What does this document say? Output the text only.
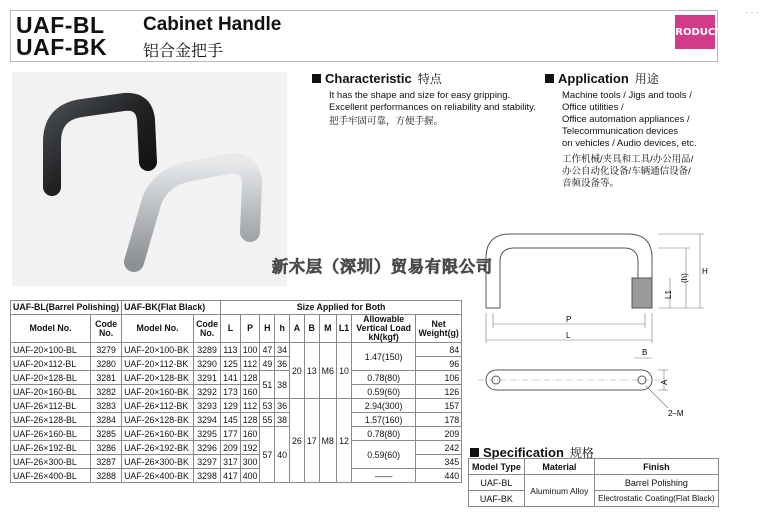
UAF-BL
UAF-BK
Cabinet Handle
铝合金把手
PRODUCT
· · ·
Characteristic 特点
It has the shape and size for easy gripping.
Excellent performances on reliability and stability.
把手牢固可靠，方便手握。
Application 用途
Machine tools / Jigs and tools /
Office utilities /
Office automation appliances /
Telecommunication devices
on vehicles / Audio devices, etc.
工作机械/夹具和工具/办公用品/
办公自动化设备/车辆通信设备/
音频设备等。
P
L
H
(h)
L1
B
A
2–M
新木层（深圳）贸易有限公司
UAF-BL(Barrel Polishing)		UAF-BK(Flat Black)		Size Applied for Both									
Model No.	Code No.	Model No.	Code No.	L	P	H	h	A	B	M	L1	Allowable Vertical Load kN(kgf)	Net Weight(g)
UAF-20×100-BL	3279	UAF-20×100-BK	3289	113	100	47	34	20	13	M6	10	1.47(150)	84
UAF-20×112-BL	3280	UAF-20×112-BK	3290	125	112	49	36						96
UAF-20×128-BL	3281	UAF-20×128-BK	3291	141	128	51	38					0.78(80)	106
UAF-20×160-BL	3282	UAF-20×160-BK	3292	173	160							0.59(60)	126
UAF-26×112-BL	3283	UAF-26×112-BK	3293	129	112	53	36	26	17	M8	12	2.94(300)	157
UAF-26×128-BL	3284	UAF-26×128-BK	3294	145	128	55	38					1.57(160)	178
UAF-26×160-BL	3285	UAF-26×160-BK	3295	177	160	57	40					0.78(80)	209
UAF-26×192-BL	3286	UAF-26×192-BK	3296	209	192							0.59(60)	242
UAF-26×300-BL	3287	UAF-26×300-BK	3297	317	300								345
UAF-26×400-BL	3288	UAF-26×400-BK	3298	417	400							——	440
Specification 规格
Model Type	Material	Finish
UAF-BL	Aluminum Alloy	Barrel Polishing
UAF-BK		Electrostatic Coating(Flat Black)
